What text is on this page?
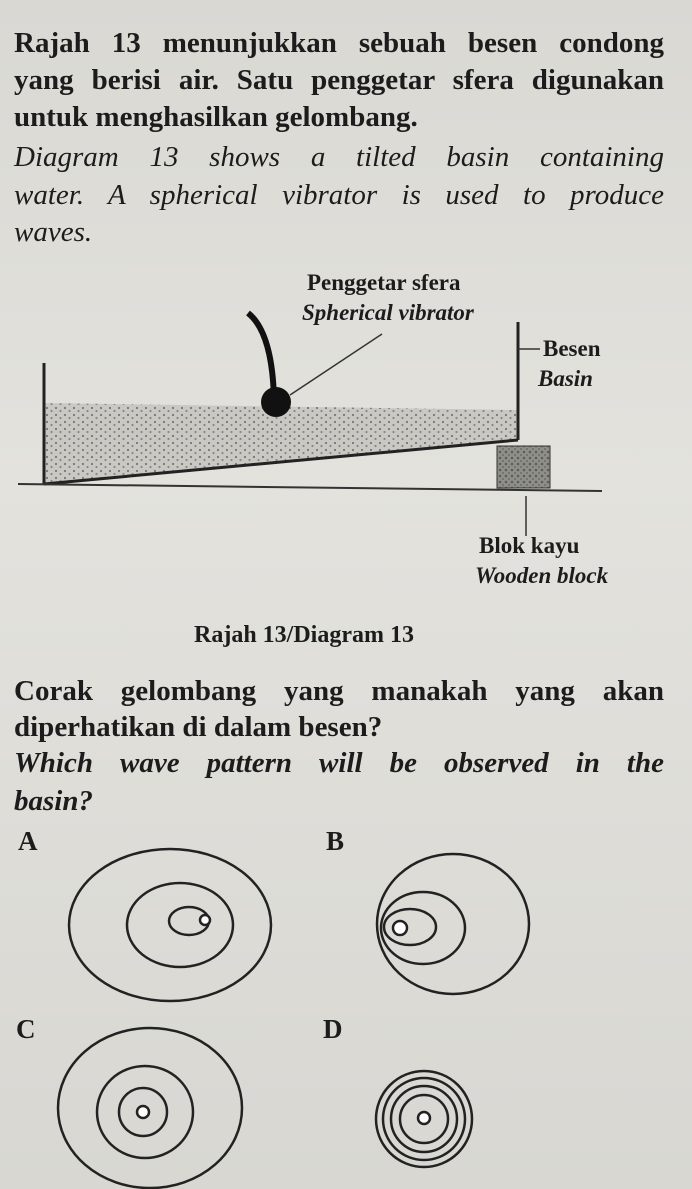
Rajah 13 menunjukkan sebuah besen condong

yang berisi air. Satu penggetar sfera digunakan

untuk menghasilkan gelombang.

Diagram 13 shows a tilted basin containing

water. A spherical vibrator is used to produce

waves.

Penggetar sfera

Spherical vibrator

Besen

Basin

Blok kayu

Wooden block

Rajah 13/Diagram 13

Corak gelombang yang manakah yang akan

diperhatikan di dalam besen?

Which wave pattern will be observed in the

basin?

A	B

C	D
